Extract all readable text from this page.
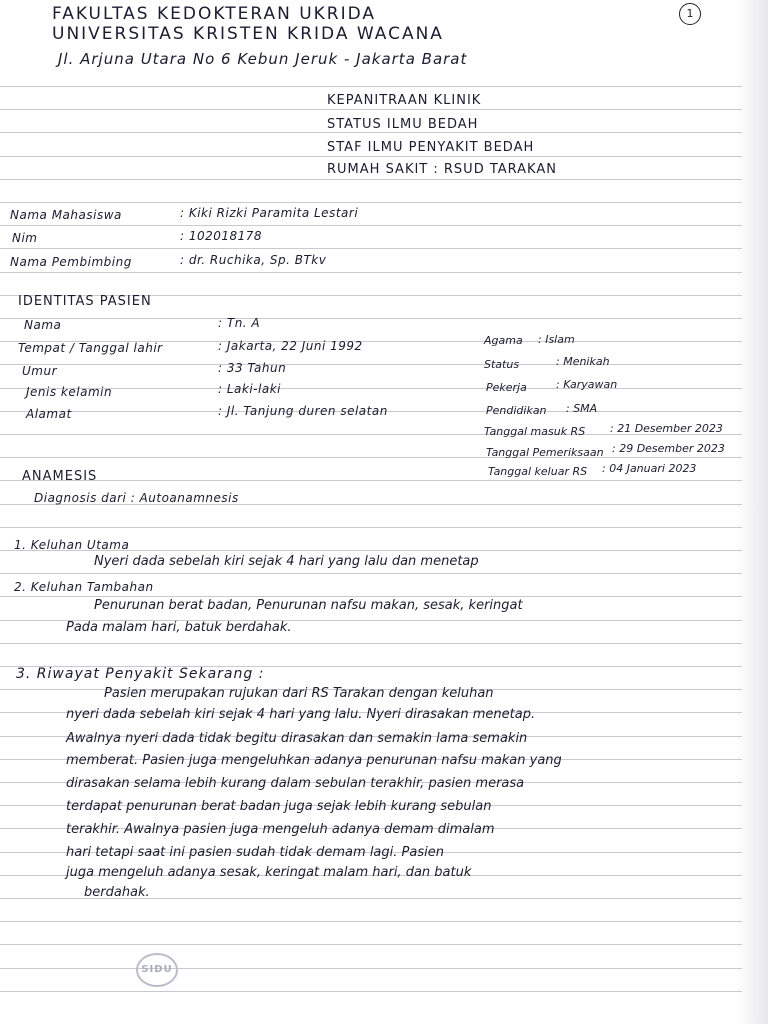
FAKULTAS KEDOKTERAN UKRIDA
UNIVERSITAS KRISTEN KRIDA WACANA
Jl. Arjuna Utara No 6 Kebun Jeruk - Jakarta Barat
1
KEPANITRAAN KLINIK
STATUS ILMU BEDAH
STAF ILMU PENYAKIT BEDAH
RUMAH SAKIT : RSUD TARAKAN
Nama Mahasiswa	: Kiki Rizki Paramita Lestari
Nim	: 102018178
Nama Pembimbing	: dr. Ruchika, Sp. BTkv
IDENTITAS PASIEN
Nama	: Tn. A
Tempat / Tanggal lahir	: Jakarta, 22 Juni 1992
Umur	: 33 Tahun
Jenis kelamin	: Laki-laki
Alamat	: Jl. Tanjung duren selatan
Agama : Islam
Status	: Menikah
Pekerja	: Karyawan
Pendidikan : SMA
Tanggal masuk RS : 21 Desember 2023
Tanggal Pemeriksaan : 29 Desember 2023
Tanggal keluar RS : 04 Januari 2023
ANAMESIS
Diagnosis dari : Autoanamnesis
1. Keluhan Utama
Nyeri dada sebelah kiri sejak 4 hari yang lalu dan menetap
2. Keluhan Tambahan
Penurunan berat badan, Penurunan nafsu makan, sesak, keringat
Pada malam hari, batuk berdahak.
3. Riwayat Penyakit Sekarang :
Pasien merupakan rujukan dari RS Tarakan dengan keluhan
nyeri dada sebelah kiri sejak 4 hari yang lalu. Nyeri dirasakan menetap.
Awalnya nyeri dada tidak begitu dirasakan dan semakin lama semakin
memberat. Pasien juga mengeluhkan adanya penurunan nafsu makan yang
dirasakan selama lebih kurang dalam sebulan terakhir, pasien merasa
terdapat penurunan berat badan juga sejak lebih kurang sebulan
terakhir. Awalnya pasien juga mengeluh adanya demam dimalam
hari tetapi saat ini pasien sudah tidak demam lagi. Pasien
juga mengeluh adanya sesak, keringat malam hari, dan batuk
berdahak.
SIDU
